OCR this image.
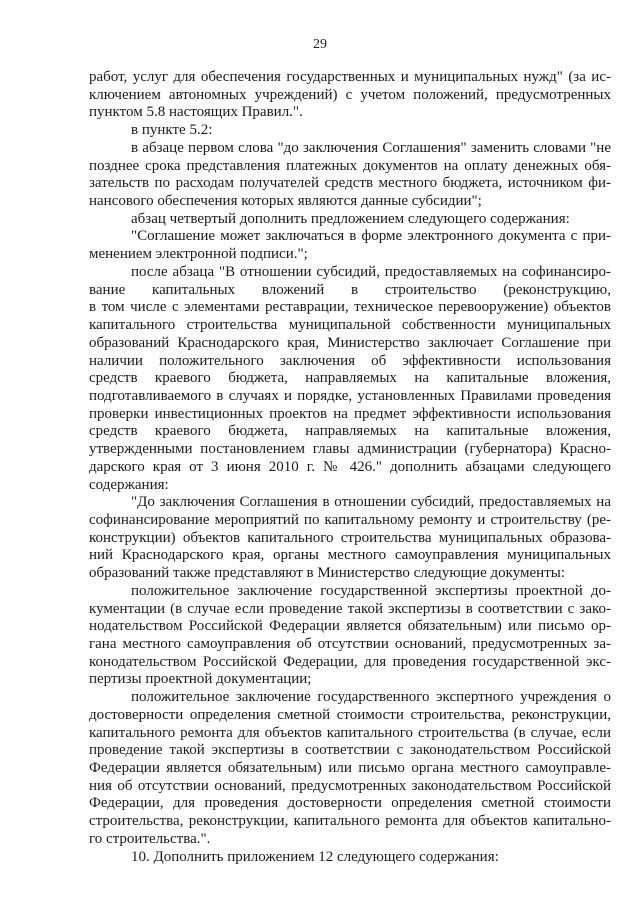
29
работ, услуг для обеспечения государственных и муниципальных нужд" (за ис-
ключением автономных учреждений) с учетом положений, предусмотренных
пунктом 5.8 настоящих Правил.".
в пункте 5.2:
в абзаце первом слова "до заключения Соглашения" заменить словами "не
позднее срока представления платежных документов на оплату денежных обя-
зательств по расходам получателей средств местного бюджета, источником фи-
нансового обеспечения которых являются данные субсидии";
абзац четвертый дополнить предложением следующего содержания:
"Соглашение может заключаться в форме электронного документа с при-
менением электронной подписи.";
после абзаца "В отношении субсидий, предоставляемых на софинансиро-
вание капитальных вложений в строительство (реконструкцию,
в том числе с элементами реставрации, техническое перевооружение) объектов
капитального строительства муниципальной собственности муниципальных
образований Краснодарского края, Министерство заключает Соглашение при
наличии положительного заключения об эффективности использования
средств краевого бюджета, направляемых на капитальные вложения,
подготавливаемого в случаях и порядке, установленных Правилами проведения
проверки инвестиционных проектов на предмет эффективности использования
средств краевого бюджета, направляемых на капитальные вложения,
утвержденными постановлением главы администрации (губернатора) Красно-
дарского края от 3 июня 2010 г. № 426." дополнить абзацами следующего
содержания:
"До заключения Соглашения в отношении субсидий, предоставляемых на
софинансирование мероприятий по капитальному ремонту и строительству (ре-
конструкции) объектов капитального строительства муниципальных образова-
ний Краснодарского края, органы местного самоуправления муниципальных
образований также представляют в Министерство следующие документы:
положительное заключение государственной экспертизы проектной до-
кументации (в случае если проведение такой экспертизы в соответствии с зако-
нодательством Российской Федерации является обязательным) или письмо ор-
гана местного самоуправления об отсутствии оснований, предусмотренных за-
конодательством Российской Федерации, для проведения государственной экс-
пертизы проектной документации;
положительное заключение государственного экспертного учреждения о
достоверности определения сметной стоимости строительства, реконструкции,
капитального ремонта для объектов капитального строительства (в случае, если
проведение такой экспертизы в соответствии с законодательством Российской
Федерации является обязательным) или письмо органа местного самоуправле-
ния об отсутствии оснований, предусмотренных законодательством Российской
Федерации, для проведения достоверности определения сметной стоимости
строительства, реконструкции, капитального ремонта для объектов капитально-
го строительства.".
10. Дополнить приложением 12 следующего содержания:
